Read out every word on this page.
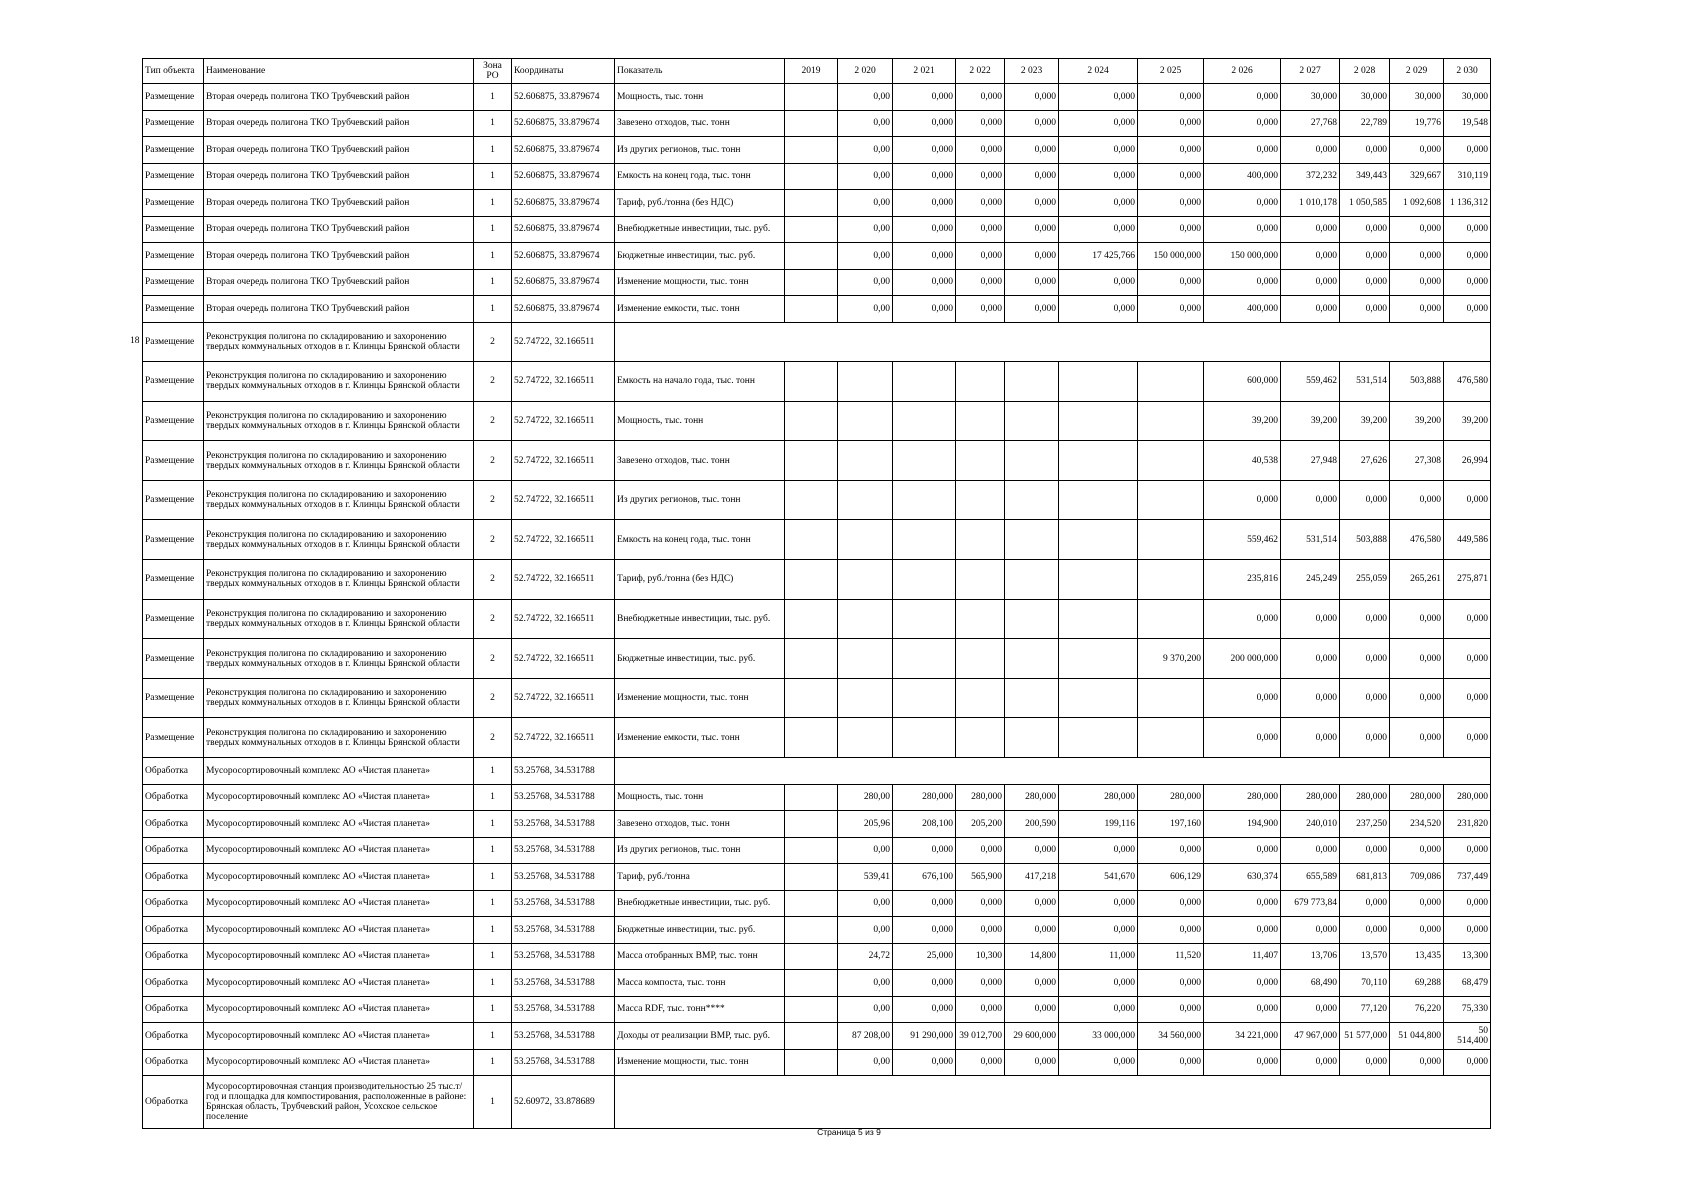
Тип объекта	Наименование	Зона РО	Координаты	Показатель	2019	2 020	2 021	2 022	2 023	2 024	2 025	2 026	2 027	2 028	2 029	2 030
Размещение	Вторая очередь полигона ТКО Трубчевский район	1	52.606875, 33.879674	Мощность, тыс. тонн		0,00	0,000	0,000	0,000	0,000	0,000	0,000	30,000	30,000	30,000	30,000
Размещение	Вторая очередь полигона ТКО Трубчевский район	1	52.606875, 33.879674	Завезено отходов, тыс. тонн		0,00	0,000	0,000	0,000	0,000	0,000	0,000	27,768	22,789	19,776	19,548
Размещение	Вторая очередь полигона ТКО Трубчевский район	1	52.606875, 33.879674	Из других регионов, тыс. тонн		0,00	0,000	0,000	0,000	0,000	0,000	0,000	0,000	0,000	0,000	0,000
Размещение	Вторая очередь полигона ТКО Трубчевский район	1	52.606875, 33.879674	Емкость на конец года, тыс. тонн		0,00	0,000	0,000	0,000	0,000	0,000	400,000	372,232	349,443	329,667	310,119
Размещение	Вторая очередь полигона ТКО Трубчевский район	1	52.606875, 33.879674	Тариф, руб./тонна (без НДС)		0,00	0,000	0,000	0,000	0,000	0,000	0,000	1 010,178	1 050,585	1 092,608	1 136,312
Размещение	Вторая очередь полигона ТКО Трубчевский район	1	52.606875, 33.879674	Внебюджетные инвестиции, тыс. руб.		0,00	0,000	0,000	0,000	0,000	0,000	0,000	0,000	0,000	0,000	0,000
Размещение	Вторая очередь полигона ТКО Трубчевский район	1	52.606875, 33.879674	Бюджетные инвестиции, тыс. руб.		0,00	0,000	0,000	0,000	17 425,766	150 000,000	150 000,000	0,000	0,000	0,000	0,000
Размещение	Вторая очередь полигона ТКО Трубчевский район	1	52.606875, 33.879674	Изменение мощности, тыс. тонн		0,00	0,000	0,000	0,000	0,000	0,000	0,000	0,000	0,000	0,000	0,000
Размещение	Вторая очередь полигона ТКО Трубчевский район	1	52.606875, 33.879674	Изменение емкости, тыс. тонн		0,00	0,000	0,000	0,000	0,000	0,000	400,000	0,000	0,000	0,000	0,000
Размещение	Реконструкция полигона по складированию и захоронению твердых коммунальных отходов в г. Клинцы Брянской области	2	52.74722, 32.166511													
Размещение	Реконструкция полигона по складированию и захоронению твердых коммунальных отходов в г. Клинцы Брянской области	2	52.74722, 32.166511	Емкость на начало года, тыс. тонн								600,000	559,462	531,514	503,888	476,580
Размещение	Реконструкция полигона по складированию и захоронению твердых коммунальных отходов в г. Клинцы Брянской области	2	52.74722, 32.166511	Мощность, тыс. тонн								39,200	39,200	39,200	39,200	39,200
Размещение	Реконструкция полигона по складированию и захоронению твердых коммунальных отходов в г. Клинцы Брянской области	2	52.74722, 32.166511	Завезено отходов, тыс. тонн								40,538	27,948	27,626	27,308	26,994
Размещение	Реконструкция полигона по складированию и захоронению твердых коммунальных отходов в г. Клинцы Брянской области	2	52.74722, 32.166511	Из других регионов, тыс. тонн								0,000	0,000	0,000	0,000	0,000
Размещение	Реконструкция полигона по складированию и захоронению твердых коммунальных отходов в г. Клинцы Брянской области	2	52.74722, 32.166511	Емкость на конец года, тыс. тонн								559,462	531,514	503,888	476,580	449,586
Размещение	Реконструкция полигона по складированию и захоронению твердых коммунальных отходов в г. Клинцы Брянской области	2	52.74722, 32.166511	Тариф, руб./тонна (без НДС)								235,816	245,249	255,059	265,261	275,871
Размещение	Реконструкция полигона по складированию и захоронению твердых коммунальных отходов в г. Клинцы Брянской области	2	52.74722, 32.166511	Внебюджетные инвестиции, тыс. руб.								0,000	0,000	0,000	0,000	0,000
Размещение	Реконструкция полигона по складированию и захоронению твердых коммунальных отходов в г. Клинцы Брянской области	2	52.74722, 32.166511	Бюджетные инвестиции, тыс. руб.							9 370,200	200 000,000	0,000	0,000	0,000	0,000
Размещение	Реконструкция полигона по складированию и захоронению твердых коммунальных отходов в г. Клинцы Брянской области	2	52.74722, 32.166511	Изменение мощности, тыс. тонн								0,000	0,000	0,000	0,000	0,000
Размещение	Реконструкция полигона по складированию и захоронению твердых коммунальных отходов в г. Клинцы Брянской области	2	52.74722, 32.166511	Изменение емкости, тыс. тонн								0,000	0,000	0,000	0,000	0,000
Обработка	Мусоросортировочный комплекс АО «Чистая планета»	1	53.25768, 34.531788													
Обработка	Мусоросортировочный комплекс АО «Чистая планета»	1	53.25768, 34.531788	Мощность, тыс. тонн		280,00	280,000	280,000	280,000	280,000	280,000	280,000	280,000	280,000	280,000	280,000
Обработка	Мусоросортировочный комплекс АО «Чистая планета»	1	53.25768, 34.531788	Завезено отходов, тыс. тонн		205,96	208,100	205,200	200,590	199,116	197,160	194,900	240,010	237,250	234,520	231,820
Обработка	Мусоросортировочный комплекс АО «Чистая планета»	1	53.25768, 34.531788	Из других регионов, тыс. тонн		0,00	0,000	0,000	0,000	0,000	0,000	0,000	0,000	0,000	0,000	0,000
Обработка	Мусоросортировочный комплекс АО «Чистая планета»	1	53.25768, 34.531788	Тариф, руб./тонна		539,41	676,100	565,900	417,218	541,670	606,129	630,374	655,589	681,813	709,086	737,449
Обработка	Мусоросортировочный комплекс АО «Чистая планета»	1	53.25768, 34.531788	Внебюджетные инвестиции, тыс. руб.		0,00	0,000	0,000	0,000	0,000	0,000	0,000	679 773,84	0,000	0,000	0,000
Обработка	Мусоросортировочный комплекс АО «Чистая планета»	1	53.25768, 34.531788	Бюджетные инвестиции, тыс. руб.		0,00	0,000	0,000	0,000	0,000	0,000	0,000	0,000	0,000	0,000	0,000
Обработка	Мусоросортировочный комплекс АО «Чистая планета»	1	53.25768, 34.531788	Масса отобранных ВМР, тыс. тонн		24,72	25,000	10,300	14,800	11,000	11,520	11,407	13,706	13,570	13,435	13,300
Обработка	Мусоросортировочный комплекс АО «Чистая планета»	1	53.25768, 34.531788	Масса компоста, тыс. тонн		0,00	0,000	0,000	0,000	0,000	0,000	0,000	68,490	70,110	69,288	68,479
Обработка	Мусоросортировочный комплекс АО «Чистая планета»	1	53.25768, 34.531788	Масса RDF, тыс. тонн****		0,00	0,000	0,000	0,000	0,000	0,000	0,000	0,000	77,120	76,220	75,330
Обработка	Мусоросортировочный комплекс АО «Чистая планета»	1	53.25768, 34.531788	Доходы от реализации ВМР, тыс. руб.		87 208,00	91 290,000	39 012,700	29 600,000	33 000,000	34 560,000	34 221,000	47 967,000	51 577,000	51 044,800	50 514,400
Обработка	Мусоросортировочный комплекс АО «Чистая планета»	1	53.25768, 34.531788	Изменение мощности, тыс. тонн		0,00	0,000	0,000	0,000	0,000	0,000	0,000	0,000	0,000	0,000	0,000
Обработка	Мусоросортировочная станция производительностью 25 тыс.т/год и площадка для компостирования, расположенные в районе: Брянская область, Трубчевский район, Усохское сельское поселение	1	52.60972, 33.878689													
18
Страница 5 из 9
